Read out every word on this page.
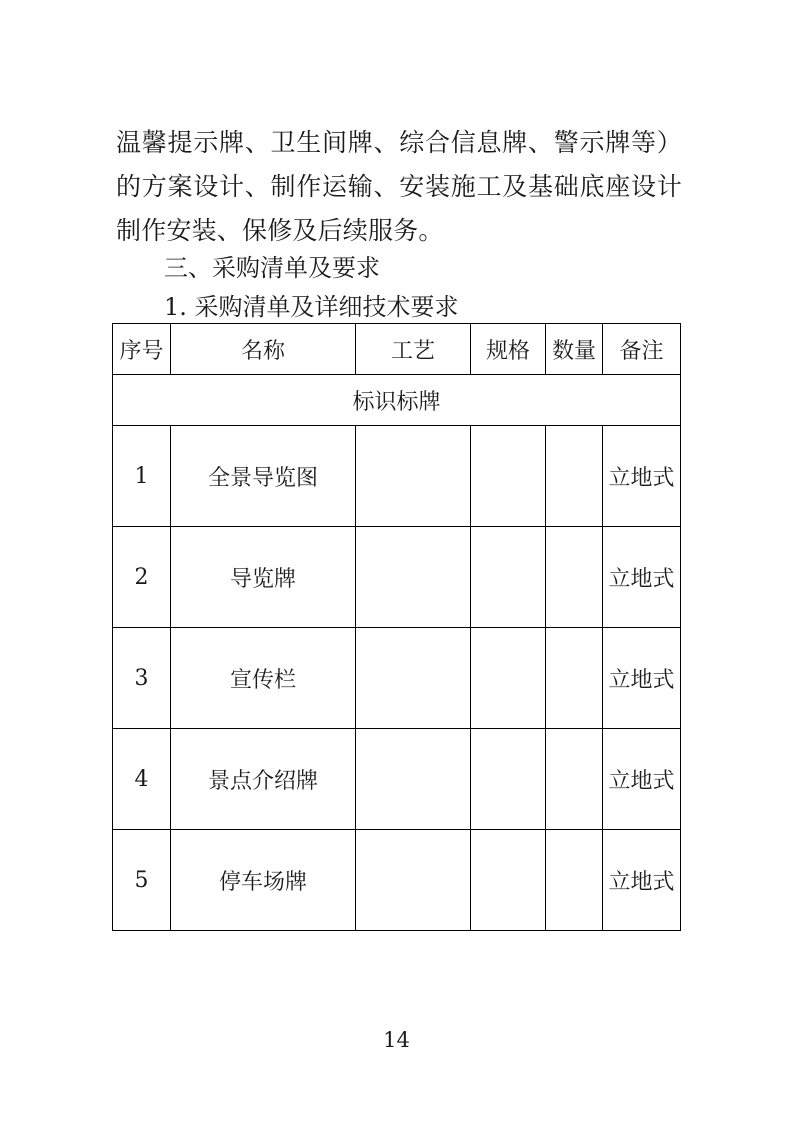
温馨提示牌、卫生间牌、综合信息牌、警示牌等）的方案设计、制作运输、安装施工及基础底座设计制作安装、保修及后续服务。

三、采购清单及要求
1. 采购清单及详细技术要求
序号	名称	工艺	规格	数量	备注
标识标牌					
1	全景导览图				立地式
2	导览牌				立地式
3	宣传栏				立地式
4	景点介绍牌				立地式
5	停车场牌				立地式
14
